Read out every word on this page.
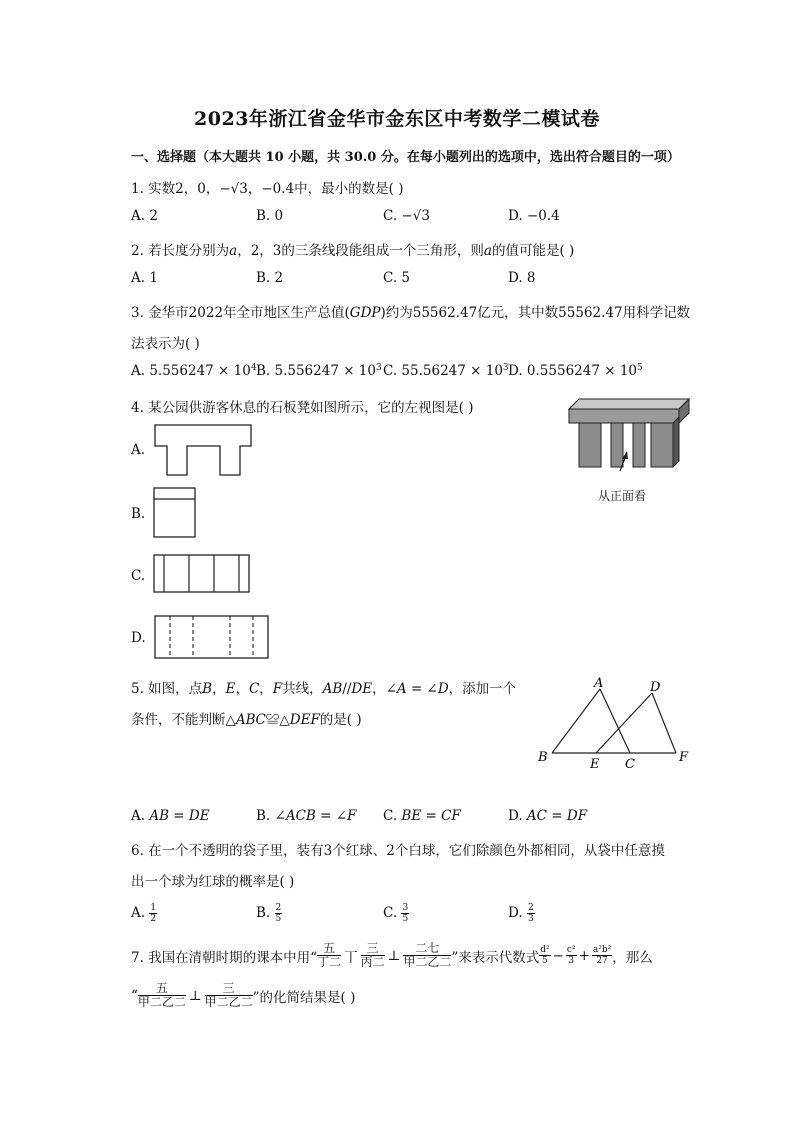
2023年浙江省金华市金东区中考数学二模试卷
一、选择题（本大题共 10 小题，共 30.0 分。在每小题列出的选项中，选出符合题目的一项）
1. 实数2，0，−√3，−0.4中，最小的数是( )
A. 2	B. 0	C. −√3	D. −0.4
2. 若长度分别为𝑎，2，3的三条线段能组成一个三角形，则𝑎的值可能是( )
A. 1	B. 2	C. 5	D. 8
3. 金华市2022年全市地区生产总值(𝐺𝐷𝑃)约为55562.47亿元，其中数55562.47用科学记数
法表示为( )
A. $5.556247 \times 10^4$ B. $5.556247 \times 10^3$ C. $55.56247 \times 10^3$ D. $0.5556247 \times 10^5$
4. 某公园供游客休息的石板凳如图所示，它的左视图是( )
从正面看
A.
B.
C.
D.
5. 如图，点𝐵，𝐸，𝐶，𝐹共线，𝐴𝐵//𝐷𝐸，∠𝐴 = ∠𝐷，添加一个
条件，不能判断△𝐴𝐵𝐶≌△𝐷𝐸𝐹的是( )
A	D
B	E C	F
A. 𝐴𝐵 = 𝐷𝐸	B. ∠𝐴𝐶𝐵 = ∠𝐹 C. 𝐵𝐸 = 𝐶𝐹	D. 𝐴𝐶 = 𝐷𝐹
6. 在一个不透明的袋子里，装有3个红球、2个白球，它们除颜色外都相同，从袋中任意摸
出一个球为红球的概率是( )
A. $\frac{1}{2}$	B. $\frac{2}{5}$	C. $\frac{3}{5}$	D. $\frac{2}{3}$
7. 我国在清朝时期的课本中用“ $\frac{\text{五}}{\text{丁二}}$ 丅 $\frac{\text{三}}{\text{丙二}}$ ⊥ $\frac{\text{二七}}{\text{甲二乙二}}$ ”来表示代数式 $\frac{\text{d²}}{5} - \frac{\text{c²}}{3} + \frac{\text{a²b²}}{27}$ ，那么
“ $\frac{\text{五}}{\text{甲二乙二}}$ ⊥ $\frac{\text{三}}{\text{甲二乙二}}$ ”的化简结果是( )
